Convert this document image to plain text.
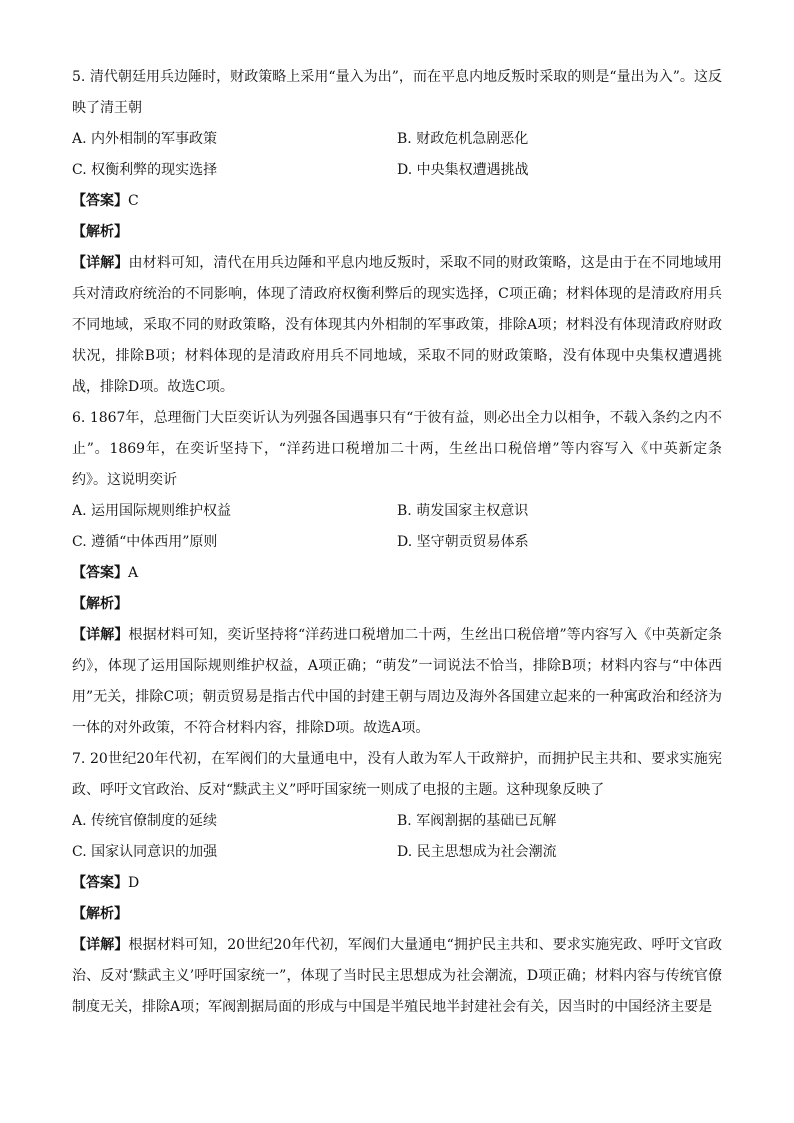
5. 清代朝廷用兵边陲时，财政策略上采用“量入为出”，而在平息内地反叛时采取的则是“量出为入”。这反映了清王朝

A. 内外相制的军事政策	B. 财政危机急剧恶化
C. 权衡利弊的现实选择	D. 中央集权遭遇挑战

【答案】C

【解析】

【详解】由材料可知，清代在用兵边陲和平息内地反叛时，采取不同的财政策略，这是由于在不同地域用兵对清政府统治的不同影响，体现了清政府权衡利弊后的现实选择，C项正确；材料体现的是清政府用兵不同地域，采取不同的财政策略，没有体现其内外相制的军事政策，排除A项；材料没有体现清政府财政状况，排除B项；材料体现的是清政府用兵不同地域，采取不同的财政策略，没有体现中央集权遭遇挑战，排除D项。故选C项。

6. 1867年，总理衙门大臣奕䜣认为列强各国遇事只有“于彼有益，则必出全力以相争，不载入条约之内不止”。1869年，在奕䜣坚持下，“洋药进口税增加二十两，生丝出口税倍增”等内容写入《中英新定条约》。这说明奕䜣

A. 运用国际规则维护权益	B. 萌发国家主权意识
C. 遵循“中体西用”原则	D. 坚守朝贡贸易体系

【答案】A

【解析】

【详解】根据材料可知，奕䜣坚持将“洋药进口税增加二十两，生丝出口税倍增”等内容写入《中英新定条约》，体现了运用国际规则维护权益，A项正确；“萌发”一词说法不恰当，排除B项；材料内容与“中体西用”无关，排除C项；朝贡贸易是指古代中国的封建王朝与周边及海外各国建立起来的一种寓政治和经济为一体的对外政策，不符合材料内容，排除D项。故选A项。

7. 20世纪20年代初，在军阀们的大量通电中，没有人敢为军人干政辩护，而拥护民主共和、要求实施宪政、呼吁文官政治、反对“黩武主义”呼吁国家统一则成了电报的主题。这种现象反映了

A. 传统官僚制度的延续	B. 军阀割据的基础已瓦解
C. 国家认同意识的加强	D. 民主思想成为社会潮流

【答案】D

【解析】

【详解】根据材料可知，20世纪20年代初，军阀们大量通电“拥护民主共和、要求实施宪政、呼吁文官政治、反对‘黩武主义’呼吁国家统一”，体现了当时民主思想成为社会潮流，D项正确；材料内容与传统官僚制度无关，排除A项；军阀割据局面的形成与中国是半殖民地半封建社会有关，因当时的中国经济主要是
